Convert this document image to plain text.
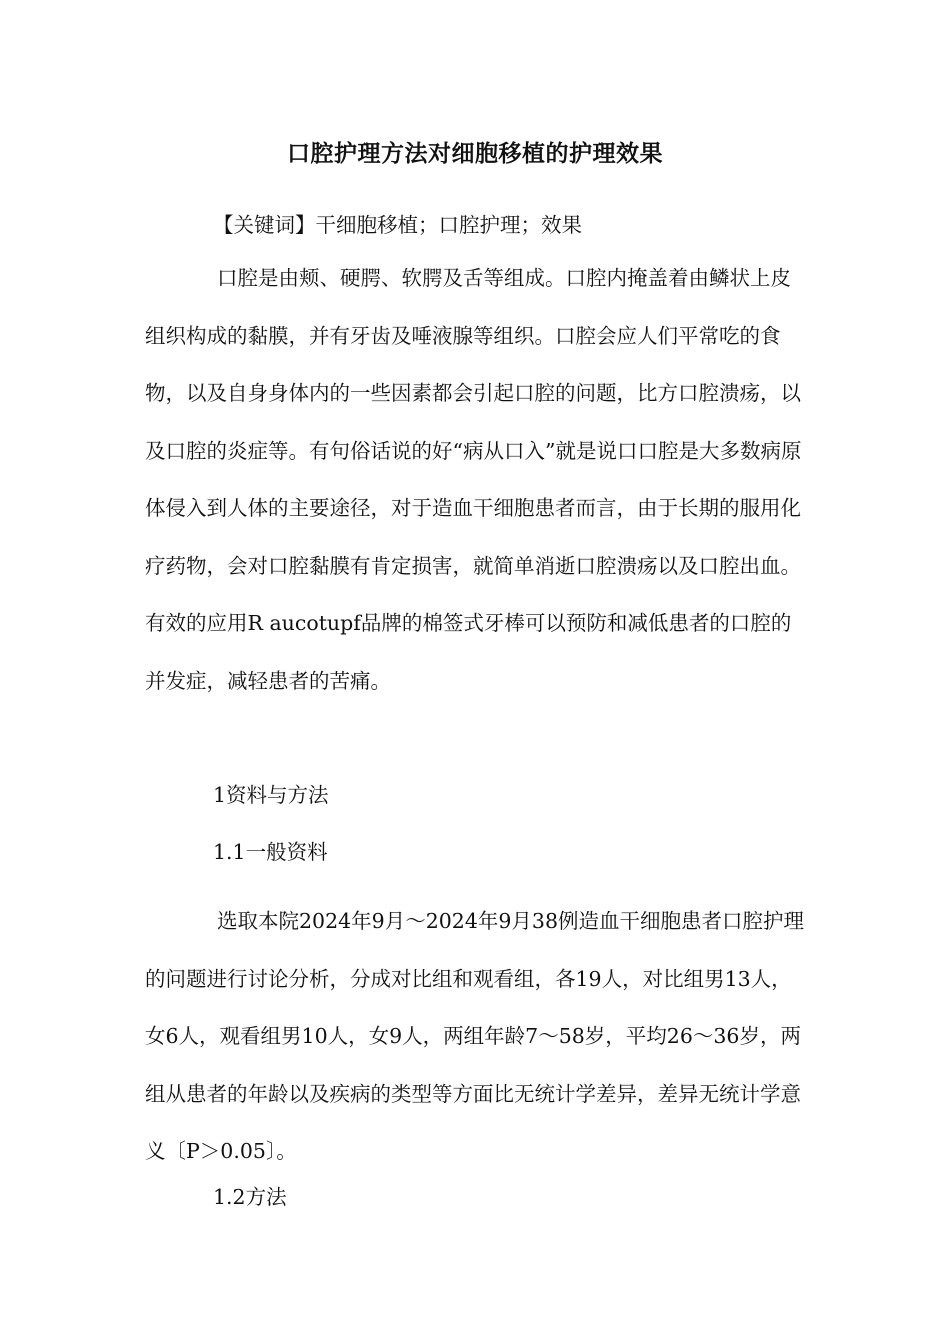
口腔护理方法对细胞移植的护理效果
【关键词】干细胞移植；口腔护理；效果

口腔是由颊、硬腭、软腭及舌等组成。口腔内掩盖着由鳞状上皮组织构成的黏膜，并有牙齿及唾液腺等组织。口腔会应人们平常吃的食物，以及自身身体内的一些因素都会引起口腔的问题，比方口腔溃疡，以及口腔的炎症等。有句俗话说的好“病从口入”就是说口口腔是大多数病原体侵入到人体的主要途径，对于造血干细胞患者而言，由于长期的服用化疗药物，会对口腔黏膜有肯定损害，就简单消逝口腔溃疡以及口腔出血。有效的应用R aucotupf品牌的棉签式牙棒可以预防和减低患者的口腔的并发症，减轻患者的苦痛。

1资料与方法
1.1一般资料

选取本院2024年9月～2024年9月38例造血干细胞患者口腔护理的问题进行讨论分析，分成对比组和观看组，各19人，对比组男13人，女6人，观看组男10人，女9人，两组年龄7～58岁，平均26～36岁，两组从患者的年龄以及疾病的类型等方面比无统计学差异，差异无统计学意义〔P＞0.05〕。

1.2方法
